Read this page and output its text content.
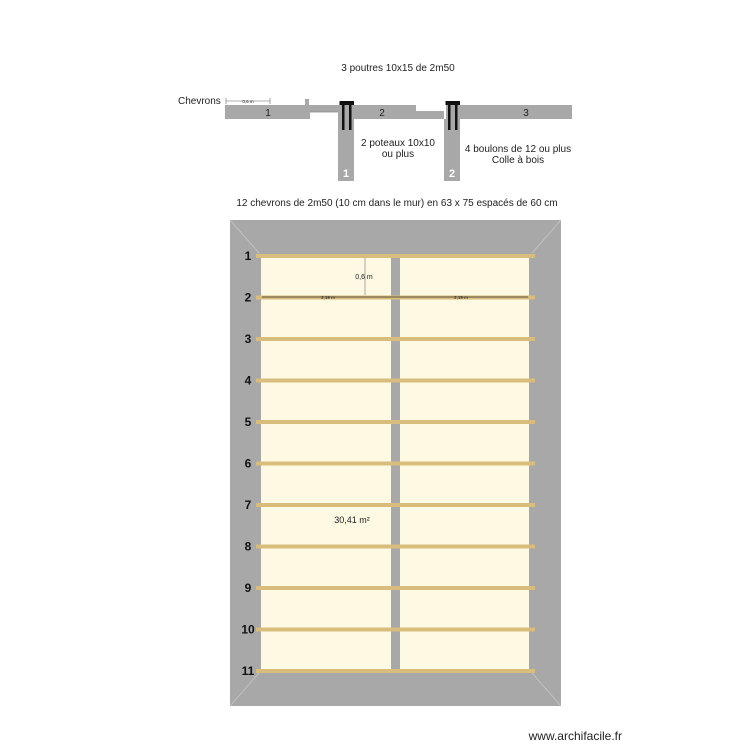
3 poutres 10x15 de 2m50
Chevrons	0,6 m
1	2	3
1	2
2 poteaux 10x10
ou plus	4 boulons de 12 ou plus
Colle à bois
12 chevrons de 2m50 (10 cm dans le mur) en 63 x 75 espacés de 60 cm
1
2
3
4
5
6
7
8
9
10
11
0,6 m
2,19 m	2,19 m
30,41 m²
www.archifacile.fr
